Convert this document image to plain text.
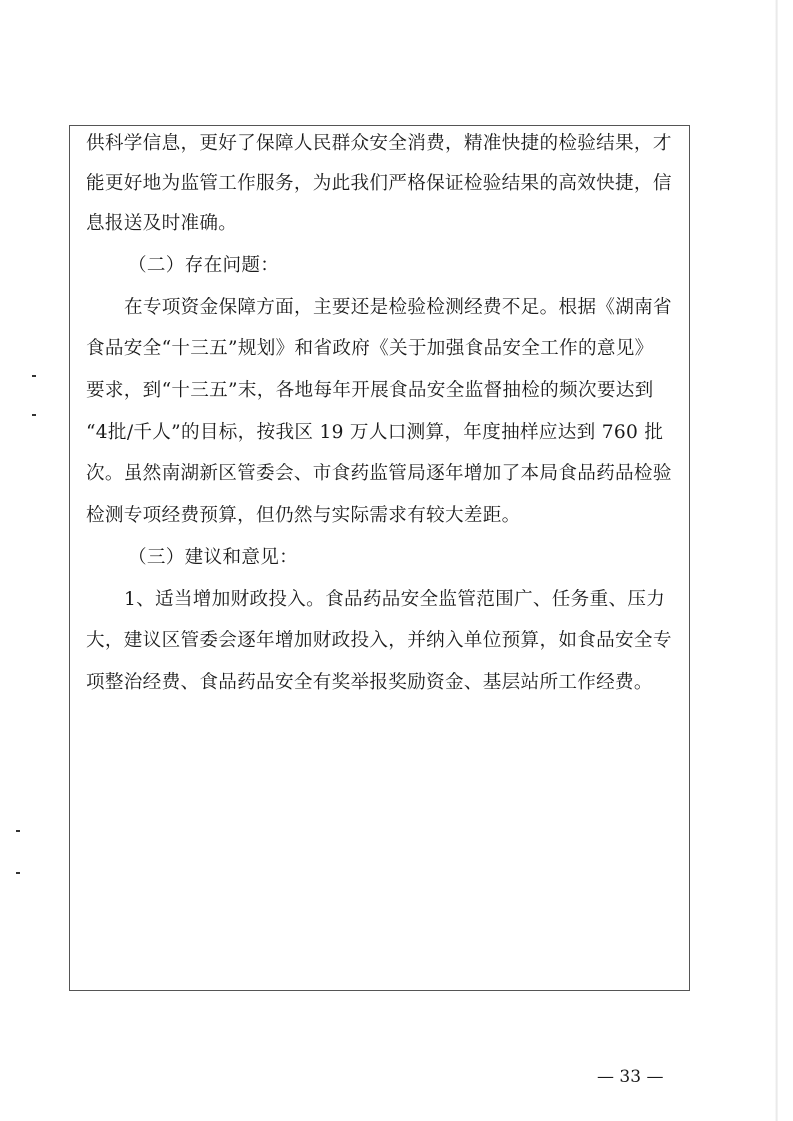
供科学信息，更好了保障人民群众安全消费，精准快捷的检验结果，才
能更好地为监管工作服务，为此我们严格保证检验结果的高效快捷，信
息报送及时准确。
（二）存在问题：
在专项资金保障方面，主要还是检验检测经费不足。根据《湖南省
食品安全“十三五”规划》和省政府《关于加强食品安全工作的意见》
要求，到“十三五”末，各地每年开展食品安全监督抽检的频次要达到
“4批/千人”的目标，按我区 19 万人口测算，年度抽样应达到 760 批
次。虽然南湖新区管委会、市食药监管局逐年增加了本局食品药品检验
检测专项经费预算，但仍然与实际需求有较大差距。
（三）建议和意见：
1、适当增加财政投入。食品药品安全监管范围广、任务重、压力
大，建议区管委会逐年增加财政投入，并纳入单位预算，如食品安全专
项整治经费、食品药品安全有奖举报奖励资金、基层站所工作经费。
— 33 —
